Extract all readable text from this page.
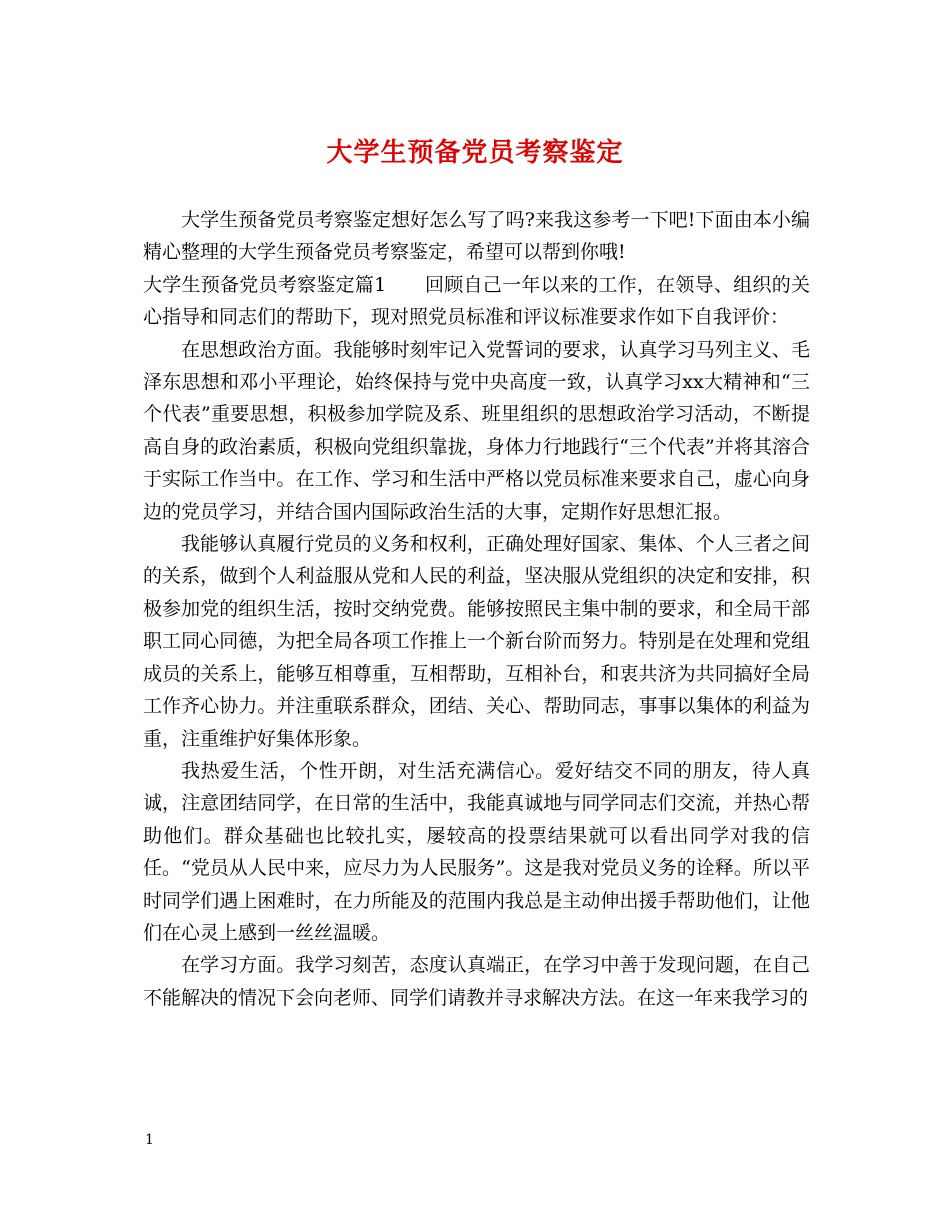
大学生预备党员考察鉴定

大学生预备党员考察鉴定想好怎么写了吗?来我这参考一下吧!下面由本小编精心整理的大学生预备党员考察鉴定，希望可以帮到你哦!

大学生预备党员考察鉴定篇1　　回顾自己一年以来的工作，在领导、组织的关心指导和同志们的帮助下，现对照党员标准和评议标准要求作如下自我评价：

在思想政治方面。我能够时刻牢记入党誓词的要求，认真学习马列主义、毛泽东思想和邓小平理论，始终保持与党中央高度一致，认真学习xx大精神和“三个代表”重要思想，积极参加学院及系、班里组织的思想政治学习活动，不断提高自身的政治素质，积极向党组织靠拢，身体力行地践行“三个代表”并将其溶合于实际工作当中。在工作、学习和生活中严格以党员标准来要求自己，虚心向身边的党员学习，并结合国内国际政治生活的大事，定期作好思想汇报。

我能够认真履行党员的义务和权利，正确处理好国家、集体、个人三者之间的关系，做到个人利益服从党和人民的利益，坚决服从党组织的决定和安排，积极参加党的组织生活，按时交纳党费。能够按照民主集中制的要求，和全局干部职工同心同德，为把全局各项工作推上一个新台阶而努力。特别是在处理和党组成员的关系上，能够互相尊重，互相帮助，互相补台，和衷共济为共同搞好全局工作齐心协力。并注重联系群众，团结、关心、帮助同志，事事以集体的利益为重，注重维护好集体形象。

我热爱生活，个性开朗，对生活充满信心。爱好结交不同的朋友，待人真诚，注意团结同学，在日常的生活中，我能真诚地与同学同志们交流，并热心帮助他们。群众基础也比较扎实，屡较高的投票结果就可以看出同学对我的信任。“党员从人民中来，应尽力为人民服务”。这是我对党员义务的诠释。所以平时同学们遇上困难时，在力所能及的范围内我总是主动伸出援手帮助他们，让他们在心灵上感到一丝丝温暖。

在学习方面。我学习刻苦，态度认真端正，在学习中善于发现问题，在自己不能解决的情况下会向老师、同学们请教并寻求解决方法。在这一年来我学习的

1
